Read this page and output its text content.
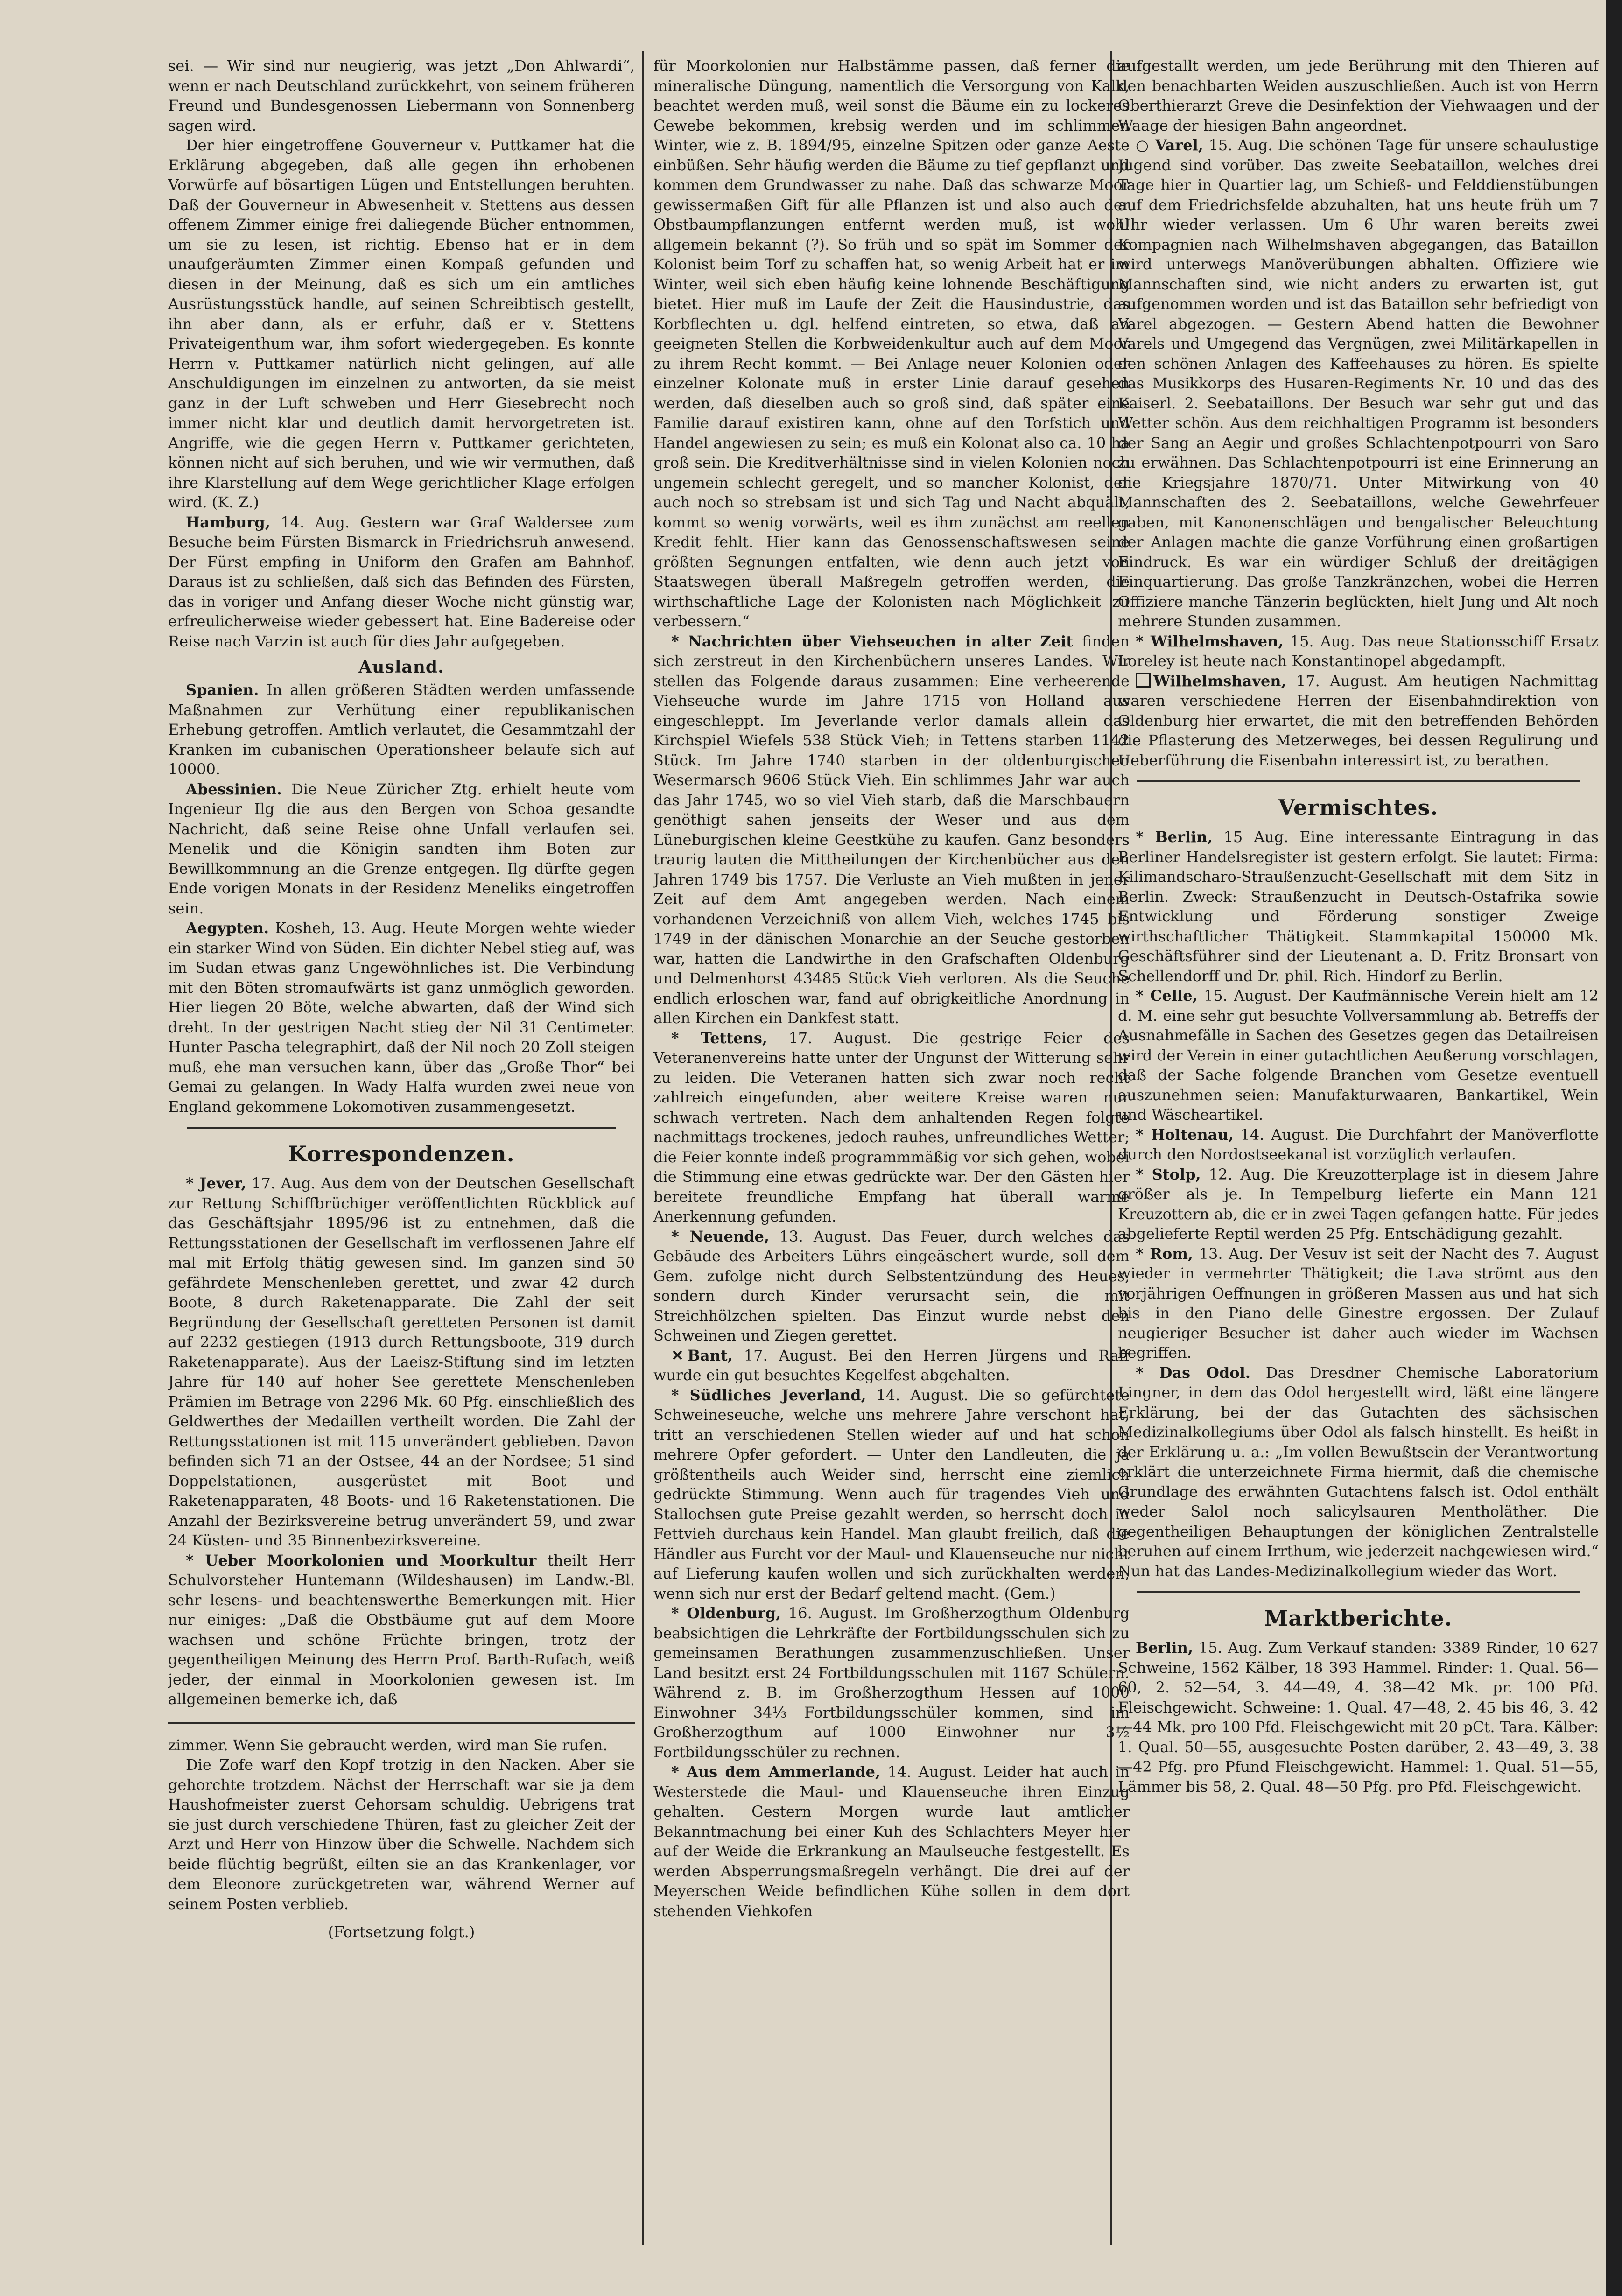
sei. — Wir sind nur neugierig, was jetzt „Don Ahlwardi“, wenn er nach Deutschland zurückkehrt, von seinem früheren Freund und Bundesgenossen Liebermann von Sonnenberg sagen wird.

Der hier eingetroffene Gouverneur v. Puttkamer hat die Erklärung abgegeben, daß alle gegen ihn erhobenen Vorwürfe auf bösartigen Lügen und Entstellungen beruhten. Daß der Gouverneur in Abwesenheit v. Stettens aus dessen offenem Zimmer einige frei daliegende Bücher entnommen, um sie zu lesen, ist richtig. Ebenso hat er in dem unaufgeräumten Zimmer einen Kompaß gefunden und diesen in der Meinung, daß es sich um ein amtliches Ausrüstungsstück handle, auf seinen Schreibtisch gestellt, ihn aber dann, als er erfuhr, daß er v. Stettens Privateigenthum war, ihm sofort wiedergegeben. Es konnte Herrn v. Puttkamer natürlich nicht gelingen, auf alle Anschuldigungen im einzelnen zu antworten, da sie meist ganz in der Luft schweben und Herr Giesebrecht noch immer nicht klar und deutlich damit hervorgetreten ist. Angriffe, wie die gegen Herrn v. Puttkamer gerichteten, können nicht auf sich beruhen, und wie wir vermuthen, daß ihre Klarstellung auf dem Wege gerichtlicher Klage erfolgen wird. (K. Z.)

Hamburg, 14. Aug. Gestern war Graf Waldersee zum Besuche beim Fürsten Bismarck in Friedrichsruh anwesend. Der Fürst empfing in Uniform den Grafen am Bahnhof. Daraus ist zu schließen, daß sich das Befinden des Fürsten, das in voriger und Anfang dieser Woche nicht günstig war, erfreulicherweise wieder gebessert hat. Eine Badereise oder Reise nach Varzin ist auch für dies Jahr aufgegeben.

Ausland.

Spanien. In allen größeren Städten werden umfassende Maßnahmen zur Verhütung einer republikanischen Erhebung getroffen. Amtlich verlautet, die Gesammtzahl der Kranken im cubanischen Operationsheer belaufe sich auf 10000.

Abessinien. Die Neue Züricher Ztg. erhielt heute vom Ingenieur Ilg die aus den Bergen von Schoa gesandte Nachricht, daß seine Reise ohne Unfall verlaufen sei. Menelik und die Königin sandten ihm Boten zur Bewillkommnung an die Grenze entgegen. Ilg dürfte gegen Ende vorigen Monats in der Residenz Meneliks eingetroffen sein.

Aegypten. Kosheh, 13. Aug. Heute Morgen wehte wieder ein starker Wind von Süden. Ein dichter Nebel stieg auf, was im Sudan etwas ganz Ungewöhnliches ist. Die Verbindung mit den Böten stromaufwärts ist ganz unmöglich geworden. Hier liegen 20 Böte, welche abwarten, daß der Wind sich dreht. In der gestrigen Nacht stieg der Nil 31 Centimeter. Hunter Pascha telegraphirt, daß der Nil noch 20 Zoll steigen muß, ehe man versuchen kann, über das „Große Thor“ bei Gemai zu gelangen. In Wady Halfa wurden zwei neue von England gekommene Lokomotiven zusammengesetzt.

Korrespondenzen.

* Jever, 17. Aug. Aus dem von der Deutschen Gesellschaft zur Rettung Schiffbrüchiger veröffentlichten Rückblick auf das Geschäftsjahr 1895/96 ist zu entnehmen, daß die Rettungsstationen der Gesellschaft im verflossenen Jahre elf mal mit Erfolg thätig gewesen sind. Im ganzen sind 50 gefährdete Menschenleben gerettet, und zwar 42 durch Boote, 8 durch Raketenapparate. Die Zahl der seit Begründung der Gesellschaft geretteten Personen ist damit auf 2232 gestiegen (1913 durch Rettungsboote, 319 durch Raketenapparate). Aus der Laeisz-Stiftung sind im letzten Jahre für 140 auf hoher See gerettete Menschenleben Prämien im Betrage von 2296 Mk. 60 Pfg. einschließlich des Geldwerthes der Medaillen vertheilt worden. Die Zahl der Rettungsstationen ist mit 115 unverändert geblieben. Davon befinden sich 71 an der Ostsee, 44 an der Nordsee; 51 sind Doppelstationen, ausgerüstet mit Boot und Raketenapparaten, 48 Boots- und 16 Raketenstationen. Die Anzahl der Bezirksvereine betrug unverändert 59, und zwar 24 Küsten- und 35 Binnenbezirksvereine.

* Ueber Moorkolonien und Moorkultur theilt Herr Schulvorsteher Huntemann (Wildeshausen) im Landw.-Bl. sehr lesens- und beachtenswerthe Bemerkungen mit. Hier nur einiges: „Daß die Obstbäume gut auf dem Moore wachsen und schöne Früchte bringen, trotz der gegentheiligen Meinung des Herrn Prof. Barth-Rufach, weiß jeder, der einmal in Moorkolonien gewesen ist. Im allgemeinen bemerke ich, daß

zimmer. Wenn Sie gebraucht werden, wird man Sie rufen.

Die Zofe warf den Kopf trotzig in den Nacken. Aber sie gehorchte trotzdem. Nächst der Herrschaft war sie ja dem Haushofmeister zuerst Gehorsam schuldig. Uebrigens trat sie just durch verschiedene Thüren, fast zu gleicher Zeit der Arzt und Herr von Hinzow über die Schwelle. Nachdem sich beide flüchtig begrüßt, eilten sie an das Krankenlager, vor dem Eleonore zurückgetreten war, während Werner auf seinem Posten verblieb.

(Fortsetzung folgt.)

für Moorkolonien nur Halbstämme passen, daß ferner die mineralische Düngung, namentlich die Versorgung von Kalk, beachtet werden muß, weil sonst die Bäume ein zu lockeres Gewebe bekommen, krebsig werden und im schlimmen Winter, wie z. B. 1894/95, einzelne Spitzen oder ganze Aeste einbüßen. Sehr häufig werden die Bäume zu tief gepflanzt und kommen dem Grundwasser zu nahe. Daß das schwarze Moor gewissermaßen Gift für alle Pflanzen ist und also auch der Obstbaumpflanzungen entfernt werden muß, ist wohl allgemein bekannt (?). So früh und so spät im Sommer der Kolonist beim Torf zu schaffen hat, so wenig Arbeit hat er im Winter, weil sich eben häufig keine lohnende Beschäftigung bietet. Hier muß im Laufe der Zeit die Hausindustrie, das Korbflechten u. dgl. helfend eintreten, so etwa, daß an geeigneten Stellen die Korbweidenkultur auch auf dem Moor zu ihrem Recht kommt. — Bei Anlage neuer Kolonien oder einzelner Kolonate muß in erster Linie darauf gesehen werden, daß dieselben auch so groß sind, daß später eine Familie darauf existiren kann, ohne auf den Torfstich und Handel angewiesen zu sein; es muß ein Kolonat also ca. 10 ha groß sein. Die Kreditverhältnisse sind in vielen Kolonien noch ungemein schlecht geregelt, und so mancher Kolonist, der auch noch so strebsam ist und sich Tag und Nacht abquält, kommt so wenig vorwärts, weil es ihm zunächst am reellen Kredit fehlt. Hier kann das Genossenschaftswesen seine größten Segnungen entfalten, wie denn auch jetzt von Staatswegen überall Maßregeln getroffen werden, die wirthschaftliche Lage der Kolonisten nach Möglichkeit zu verbessern.“

* Nachrichten über Viehseuchen in alter Zeit finden sich zerstreut in den Kirchenbüchern unseres Landes. Wir stellen das Folgende daraus zusammen: Eine verheerende Viehseuche wurde im Jahre 1715 von Holland aus eingeschleppt. Im Jeverlande verlor damals allein das Kirchspiel Wiefels 538 Stück Vieh; in Tettens starben 1142 Stück. Im Jahre 1740 starben in der oldenburgischen Wesermarsch 9606 Stück Vieh. Ein schlimmes Jahr war auch das Jahr 1745, wo so viel Vieh starb, daß die Marschbauern genöthigt sahen jenseits der Weser und aus dem Lüneburgischen kleine Geestkühe zu kaufen. Ganz besonders traurig lauten die Mittheilungen der Kirchenbücher aus den Jahren 1749 bis 1757. Die Verluste an Vieh mußten in jener Zeit auf dem Amt angegeben werden. Nach einem vorhandenen Verzeichniß von allem Vieh, welches 1745 bis 1749 in der dänischen Monarchie an der Seuche gestorben war, hatten die Landwirthe in den Grafschaften Oldenburg und Delmenhorst 43485 Stück Vieh verloren. Als die Seuche endlich erloschen war, fand auf obrigkeitliche Anordnung in allen Kirchen ein Dankfest statt.

* Tettens, 17. August. Die gestrige Feier des Veteranenvereins hatte unter der Ungunst der Witterung sehr zu leiden. Die Veteranen hatten sich zwar noch recht zahlreich eingefunden, aber weitere Kreise waren nur schwach vertreten. Nach dem anhaltenden Regen folgte nachmittags trockenes, jedoch rauhes, unfreundliches Wetter; die Feier konnte indeß programmmäßig vor sich gehen, wobei die Stimmung eine etwas gedrückte war. Der den Gästen hier bereitete freundliche Empfang hat überall warme Anerkennung gefunden.

* Neuende, 13. August. Das Feuer, durch welches das Gebäude des Arbeiters Lührs eingeäschert wurde, soll dem Gem. zufolge nicht durch Selbstentzündung des Heues, sondern durch Kinder verursacht sein, die mit Streichhölzchen spielten. Das Einzut wurde nebst den Schweinen und Ziegen gerettet.

✕ Bant, 17. August. Bei den Herren Jürgens und Raff wurde ein gut besuchtes Kegelfest abgehalten.

* Südliches Jeverland, 14. August. Die so gefürchtete Schweineseuche, welche uns mehrere Jahre verschont hat, tritt an verschiedenen Stellen wieder auf und hat schon mehrere Opfer gefordert. — Unter den Landleuten, die ja größtentheils auch Weider sind, herrscht eine ziemlich gedrückte Stimmung. Wenn auch für tragendes Vieh und Stallochsen gute Preise gezahlt werden, so herrscht doch in Fettvieh durchaus kein Handel. Man glaubt freilich, daß die Händler aus Furcht vor der Maul- und Klauenseuche nur nicht auf Lieferung kaufen wollen und sich zurückhalten werden, wenn sich nur erst der Bedarf geltend macht. (Gem.)

* Oldenburg, 16. August. Im Großherzogthum Oldenburg beabsichtigen die Lehrkräfte der Fortbildungsschulen sich zu gemeinsamen Berathungen zusammenzuschließen. Unser Land besitzt erst 24 Fortbildungsschulen mit 1167 Schülern. Während z. B. im Großherzogthum Hessen auf 1000 Einwohner 34⅓ Fortbildungsschüler kommen, sind im Großherzogthum auf 1000 Einwohner nur 3½ Fortbildungsschüler zu rechnen.

* Aus dem Ammerlande, 14. August. Leider hat auch in Westerstede die Maul- und Klauenseuche ihren Einzug gehalten. Gestern Morgen wurde laut amtlicher Bekanntmachung bei einer Kuh des Schlachters Meyer hier auf der Weide die Erkrankung an Maulseuche festgestellt. Es werden Absperrungsmaßregeln verhängt. Die drei auf der Meyerschen Weide befindlichen Kühe sollen in dem dort stehenden Viehkofen

aufgestallt werden, um jede Berührung mit den Thieren auf den benachbarten Weiden auszuschließen. Auch ist von Herrn Oberthierarzt Greve die Desinfektion der Viehwaagen und der Waage der hiesigen Bahn angeordnet.

○ Varel, 15. Aug. Die schönen Tage für unsere schaulustige Jugend sind vorüber. Das zweite Seebataillon, welches drei Tage hier in Quartier lag, um Schieß- und Felddienstübungen auf dem Friedrichsfelde abzuhalten, hat uns heute früh um 7 Uhr wieder verlassen. Um 6 Uhr waren bereits zwei Kompagnien nach Wilhelmshaven abgegangen, das Bataillon wird unterwegs Manöverübungen abhalten. Offiziere wie Mannschaften sind, wie nicht anders zu erwarten ist, gut aufgenommen worden und ist das Bataillon sehr befriedigt von Varel abgezogen. — Gestern Abend hatten die Bewohner Varels und Umgegend das Vergnügen, zwei Militärkapellen in den schönen Anlagen des Kaffeehauses zu hören. Es spielte das Musikkorps des Husaren-Regiments Nr. 10 und das des Kaiserl. 2. Seebataillons. Der Besuch war sehr gut und das Wetter schön. Aus dem reichhaltigen Programm ist besonders der Sang an Aegir und großes Schlachtenpotpourri von Saro zu erwähnen. Das Schlachtenpotpourri ist eine Erinnerung an die Kriegsjahre 1870/71. Unter Mitwirkung von 40 Mannschaften des 2. Seebataillons, welche Gewehrfeuer gaben, mit Kanonenschlägen und bengalischer Beleuchtung der Anlagen machte die ganze Vorführung einen großartigen Eindruck. Es war ein würdiger Schluß der dreitägigen Einquartierung. Das große Tanzkränzchen, wobei die Herren Offiziere manche Tänzerin beglückten, hielt Jung und Alt noch mehrere Stunden zusammen.

* Wilhelmshaven, 15. Aug. Das neue Stationsschiff Ersatz Loreley ist heute nach Konstantinopel abgedampft.

Wilhelmshaven, 17. August. Am heutigen Nachmittag waren verschiedene Herren der Eisenbahndirektion von Oldenburg hier erwartet, die mit den betreffenden Behörden die Pflasterung des Metzerweges, bei dessen Regulirung und Ueberführung die Eisenbahn interessirt ist, zu berathen.

Vermischtes.

* Berlin, 15 Aug. Eine interessante Eintragung in das Berliner Handelsregister ist gestern erfolgt. Sie lautet: Firma: Kilimandscharo-Straußenzucht-Gesellschaft mit dem Sitz in Berlin. Zweck: Straußenzucht in Deutsch-Ostafrika sowie Entwicklung und Förderung sonstiger Zweige wirthschaftlicher Thätigkeit. Stammkapital 150000 Mk. Geschäftsführer sind der Lieutenant a. D. Fritz Bronsart von Schellendorff und Dr. phil. Rich. Hindorf zu Berlin.

* Celle, 15. August. Der Kaufmännische Verein hielt am 12 d. M. eine sehr gut besuchte Vollversammlung ab. Betreffs der Ausnahmefälle in Sachen des Gesetzes gegen das Detailreisen wird der Verein in einer gutachtlichen Aeußerung vorschlagen, daß der Sache folgende Branchen vom Gesetze eventuell auszunehmen seien: Manufakturwaaren, Bankartikel, Wein und Wäscheartikel.

* Holtenau, 14. August. Die Durchfahrt der Manöverflotte durch den Nordostseekanal ist vorzüglich verlaufen.

* Stolp, 12. Aug. Die Kreuzotterplage ist in diesem Jahre größer als je. In Tempelburg lieferte ein Mann 121 Kreuzottern ab, die er in zwei Tagen gefangen hatte. Für jedes abgelieferte Reptil werden 25 Pfg. Entschädigung gezahlt.

* Rom, 13. Aug. Der Vesuv ist seit der Nacht des 7. August wieder in vermehrter Thätigkeit; die Lava strömt aus den vorjährigen Oeffnungen in größeren Massen aus und hat sich bis in den Piano delle Ginestre ergossen. Der Zulauf neugieriger Besucher ist daher auch wieder im Wachsen begriffen.

* Das Odol. Das Dresdner Chemische Laboratorium Lingner, in dem das Odol hergestellt wird, läßt eine längere Erklärung, bei der das Gutachten des sächsischen Medizinalkollegiums über Odol als falsch hinstellt. Es heißt in der Erklärung u. a.: „Im vollen Bewußtsein der Verantwortung erklärt die unterzeichnete Firma hiermit, daß die chemische Grundlage des erwähnten Gutachtens falsch ist. Odol enthält weder Salol noch salicylsauren Mentholäther. Die gegentheiligen Behauptungen der königlichen Zentralstelle beruhen auf einem Irrthum, wie jederzeit nachgewiesen wird.“ Nun hat das Landes-Medizinalkollegium wieder das Wort.

Marktberichte.

Berlin, 15. Aug. Zum Verkauf standen: 3389 Rinder, 10 627 Schweine, 1562 Kälber, 18 393 Hammel. Rinder: 1. Qual. 56—60, 2. 52—54, 3. 44—49, 4. 38—42 Mk. pr. 100 Pfd. Fleischgewicht. Schweine: 1. Qual. 47—48, 2. 45 bis 46, 3. 42—44 Mk. pro 100 Pfd. Fleischgewicht mit 20 pCt. Tara. Kälber: 1. Qual. 50—55, ausgesuchte Posten darüber, 2. 43—49, 3. 38—42 Pfg. pro Pfund Fleischgewicht. Hammel: 1. Qual. 51—55, Lämmer bis 58, 2. Qual. 48—50 Pfg. pro Pfd. Fleischgewicht.
